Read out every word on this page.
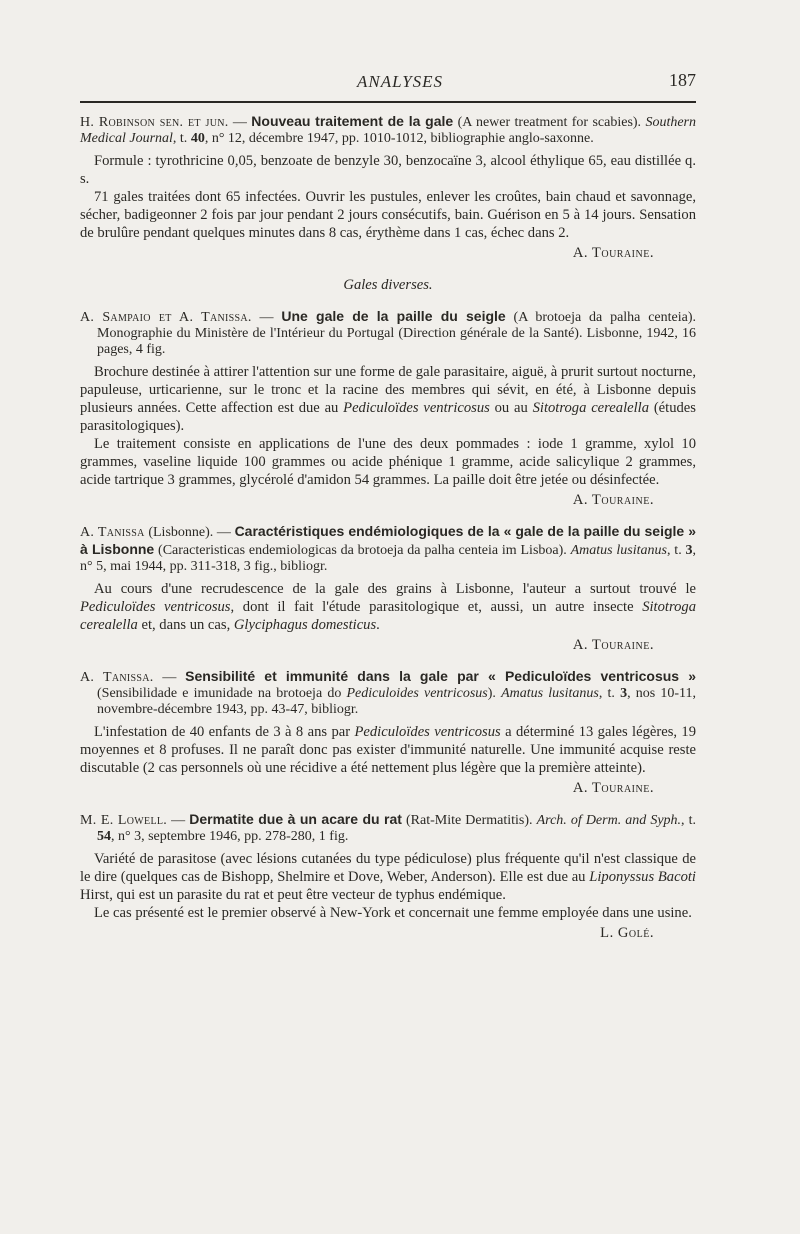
ANALYSES	187

H. Robinson sen. et jun. — Nouveau traitement de la gale (A newer treatment for scabies). Southern Medical Journal, t. 40, n° 12, décembre 1947, pp. 1010-1012, bibliographie anglo-saxonne.

Formule : tyrothricine 0,05, benzoate de benzyle 30, benzocaïne 3, alcool éthylique 65, eau distillée q. s.

71 gales traitées dont 65 infectées. Ouvrir les pustules, enlever les croûtes, bain chaud et savonnage, sécher, badigeonner 2 fois par jour pendant 2 jours consécutifs, bain. Guérison en 5 à 14 jours. Sensation de brulûre pendant quelques minutes dans 8 cas, érythème dans 1 cas, échec dans 2.

A. Touraine.

Gales diverses.

A. Sampaio et A. Tanissa. — Une gale de la paille du seigle (A brotoeja da palha centeia). Monographie du Ministère de l'Intérieur du Portugal (Direction générale de la Santé). Lisbonne, 1942, 16 pages, 4 fig.

Brochure destinée à attirer l'attention sur une forme de gale parasitaire, aiguë, à prurit surtout nocturne, papuleuse, urticarienne, sur le tronc et la racine des membres qui sévit, en été, à Lisbonne depuis plusieurs années. Cette affection est due au Pediculoïdes ventricosus ou au Sitotroga cerealella (études parasitologiques).

Le traitement consiste en applications de l'une des deux pommades : iode 1 gramme, xylol 10 grammes, vaseline liquide 100 grammes ou acide phénique 1 gramme, acide salicylique 2 grammes, acide tartrique 3 grammes, glycérolé d'amidon 54 grammes. La paille doit être jetée ou désinfectée.

A. Touraine.

A. Tanissa (Lisbonne). — Caractéristiques endémiologiques de la « gale de la paille du seigle » à Lisbonne (Caracteristicas endemiologicas da brotoeja da palha centeia im Lisboa). Amatus lusitanus, t. 3, n° 5, mai 1944, pp. 311-318, 3 fig., bibliogr.

Au cours d'une recrudescence de la gale des grains à Lisbonne, l'auteur a surtout trouvé le Pediculoïdes ventricosus, dont il fait l'étude parasitologique et, aussi, un autre insecte Sitotroga cerealella et, dans un cas, Glyciphagus domesticus.

A. Touraine.

A. Tanissa. — Sensibilité et immunité dans la gale par « Pediculoïdes ventricosus » (Sensibilidade e imunidade na brotoeja do Pediculoides ventricosus). Amatus lusitanus, t. 3, nos 10-11, novembre-décembre 1943, pp. 43-47, bibliogr.

L'infestation de 40 enfants de 3 à 8 ans par Pediculoïdes ventricosus a déterminé 13 gales légères, 19 moyennes et 8 profuses. Il ne paraît donc pas exister d'immunité naturelle. Une immunité acquise reste discutable (2 cas personnels où une récidive a été nettement plus légère que la première atteinte).

A. Touraine.

M. E. Lowell. — Dermatite due à un acare du rat (Rat-Mite Dermatitis). Arch. of Derm. and Syph., t. 54, n° 3, septembre 1946, pp. 278-280, 1 fig.

Variété de parasitose (avec lésions cutanées du type pédiculose) plus fréquente qu'il n'est classique de le dire (quelques cas de Bishopp, Shelmire et Dove, Weber, Anderson). Elle est due au Liponyssus Bacoti Hirst, qui est un parasite du rat et peut être vecteur de typhus endémique.

Le cas présenté est le premier observé à New-York et concernait une femme employée dans une usine.

L. Golé.
